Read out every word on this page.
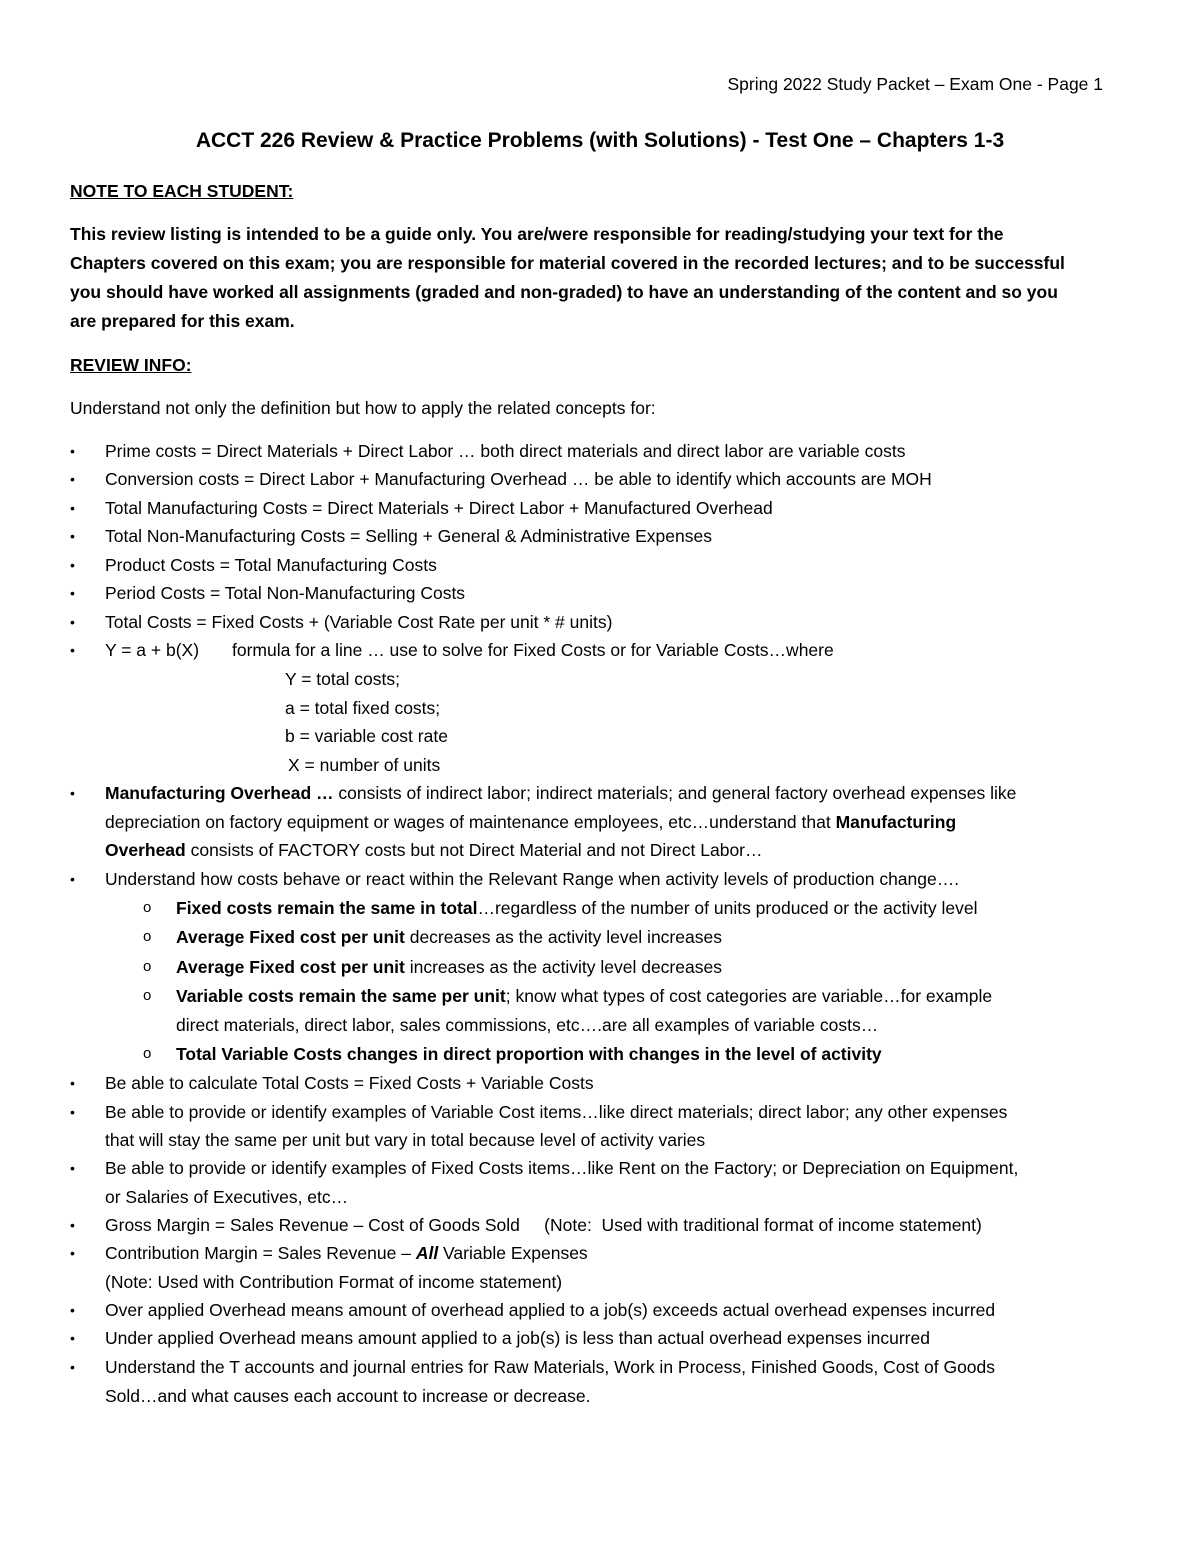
Spring 2022 Study Packet – Exam One - Page 1
ACCT 226 Review & Practice Problems (with Solutions) - Test One – Chapters 1-3
NOTE TO EACH STUDENT:
This review listing is intended to be a guide only. You are/were responsible for reading/studying your text for the
Chapters covered on this exam; you are responsible for material covered in the recorded lectures; and to be successful
you should have worked all assignments (graded and non-graded) to have an understanding of the content and so you
are prepared for this exam.
REVIEW INFO:
Understand not only the definition but how to apply the related concepts for:
• Prime costs = Direct Materials + Direct Labor … both direct materials and direct labor are variable costs
• Conversion costs = Direct Labor + Manufacturing Overhead … be able to identify which accounts are MOH
• Total Manufacturing Costs = Direct Materials + Direct Labor + Manufactured Overhead
• Total Non-Manufacturing Costs = Selling + General & Administrative Expenses
• Product Costs = Total Manufacturing Costs
• Period Costs = Total Non-Manufacturing Costs
• Total Costs = Fixed Costs + (Variable Cost Rate per unit * # units)
• Y = a + b(X) formula for a line … use to solve for Fixed Costs or for Variable Costs…where
Y = total costs;
a = total fixed costs;
b = variable cost rate
X = number of units
• Manufacturing Overhead … consists of indirect labor; indirect materials; and general factory overhead expenses like
depreciation on factory equipment or wages of maintenance employees, etc…understand that Manufacturing
Overhead consists of FACTORY costs but not Direct Material and not Direct Labor…
• Understand how costs behave or react within the Relevant Range when activity levels of production change….
o Fixed costs remain the same in total…regardless of the number of units produced or the activity level
o Average Fixed cost per unit decreases as the activity level increases
o Average Fixed cost per unit increases as the activity level decreases
o Variable costs remain the same per unit; know what types of cost categories are variable…for example
direct materials, direct labor, sales commissions, etc….are all examples of variable costs…
o Total Variable Costs changes in direct proportion with changes in the level of activity
• Be able to calculate Total Costs = Fixed Costs + Variable Costs
• Be able to provide or identify examples of Variable Cost items…like direct materials; direct labor; any other expenses
that will stay the same per unit but vary in total because level of activity varies
• Be able to provide or identify examples of Fixed Costs items…like Rent on the Factory; or Depreciation on Equipment,
or Salaries of Executives, etc…
• Gross Margin = Sales Revenue – Cost of Goods Sold     (Note:  Used with traditional format of income statement)
• Contribution Margin = Sales Revenue – All Variable Expenses
(Note: Used with Contribution Format of income statement)
• Over applied Overhead means amount of overhead applied to a job(s) exceeds actual overhead expenses incurred
• Under applied Overhead means amount applied to a job(s) is less than actual overhead expenses incurred
• Understand the T accounts and journal entries for Raw Materials, Work in Process, Finished Goods, Cost of Goods
Sold…and what causes each account to increase or decrease.
